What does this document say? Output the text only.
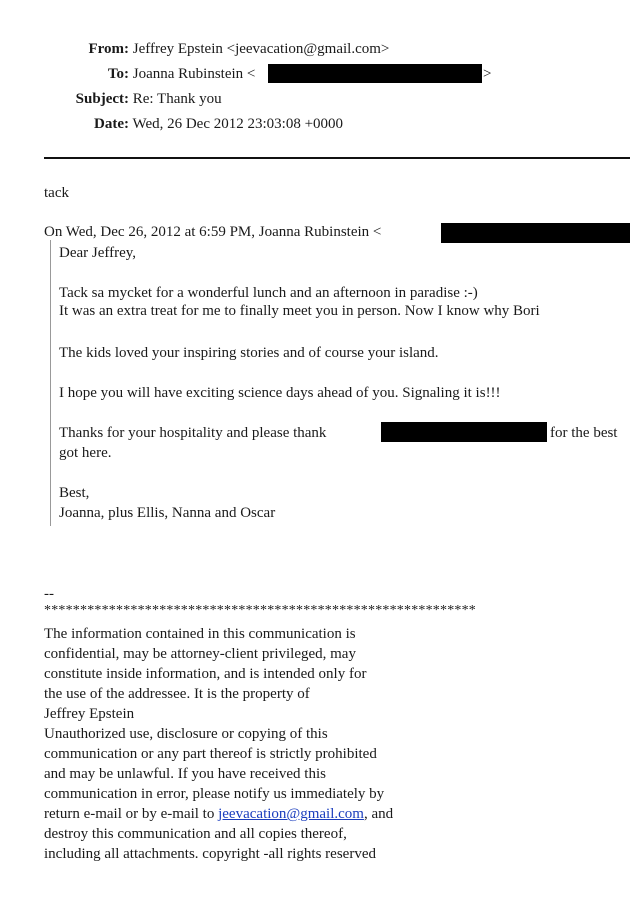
From: Jeffrey Epstein <jeevacation@gmail.com>
To: Joanna Rubinstein <	>
Subject: Re: Thank you
Date: Wed, 26 Dec 2012 23:03:08 +0000
tack
On Wed, Dec 26, 2012 at 6:59 PM, Joanna Rubinstein <
Dear Jeffrey,
Tack sa mycket for a wonderful lunch and an afternoon in paradise :-)
It was an extra treat for me to finally meet you in person. Now I know why Bori
The kids loved your inspiring stories and of course your island.
I hope you will have exciting science days ahead of you. Signaling it is!!!
Thanks for your hospitality and please thank	for the best
got here.
Best,
Joanna, plus Ellis, Nanna and Oscar
--
************************************************************
The information contained in this communication is
confidential, may be attorney-client privileged, may
constitute inside information, and is intended only for
the use of the addressee. It is the property of
Jeffrey Epstein
Unauthorized use, disclosure or copying of this
communication or any part thereof is strictly prohibited
and may be unlawful. If you have received this
communication in error, please notify us immediately by
return e-mail or by e-mail to jeevacation@gmail.com, and
destroy this communication and all copies thereof,
including all attachments. copyright -all rights reserved
